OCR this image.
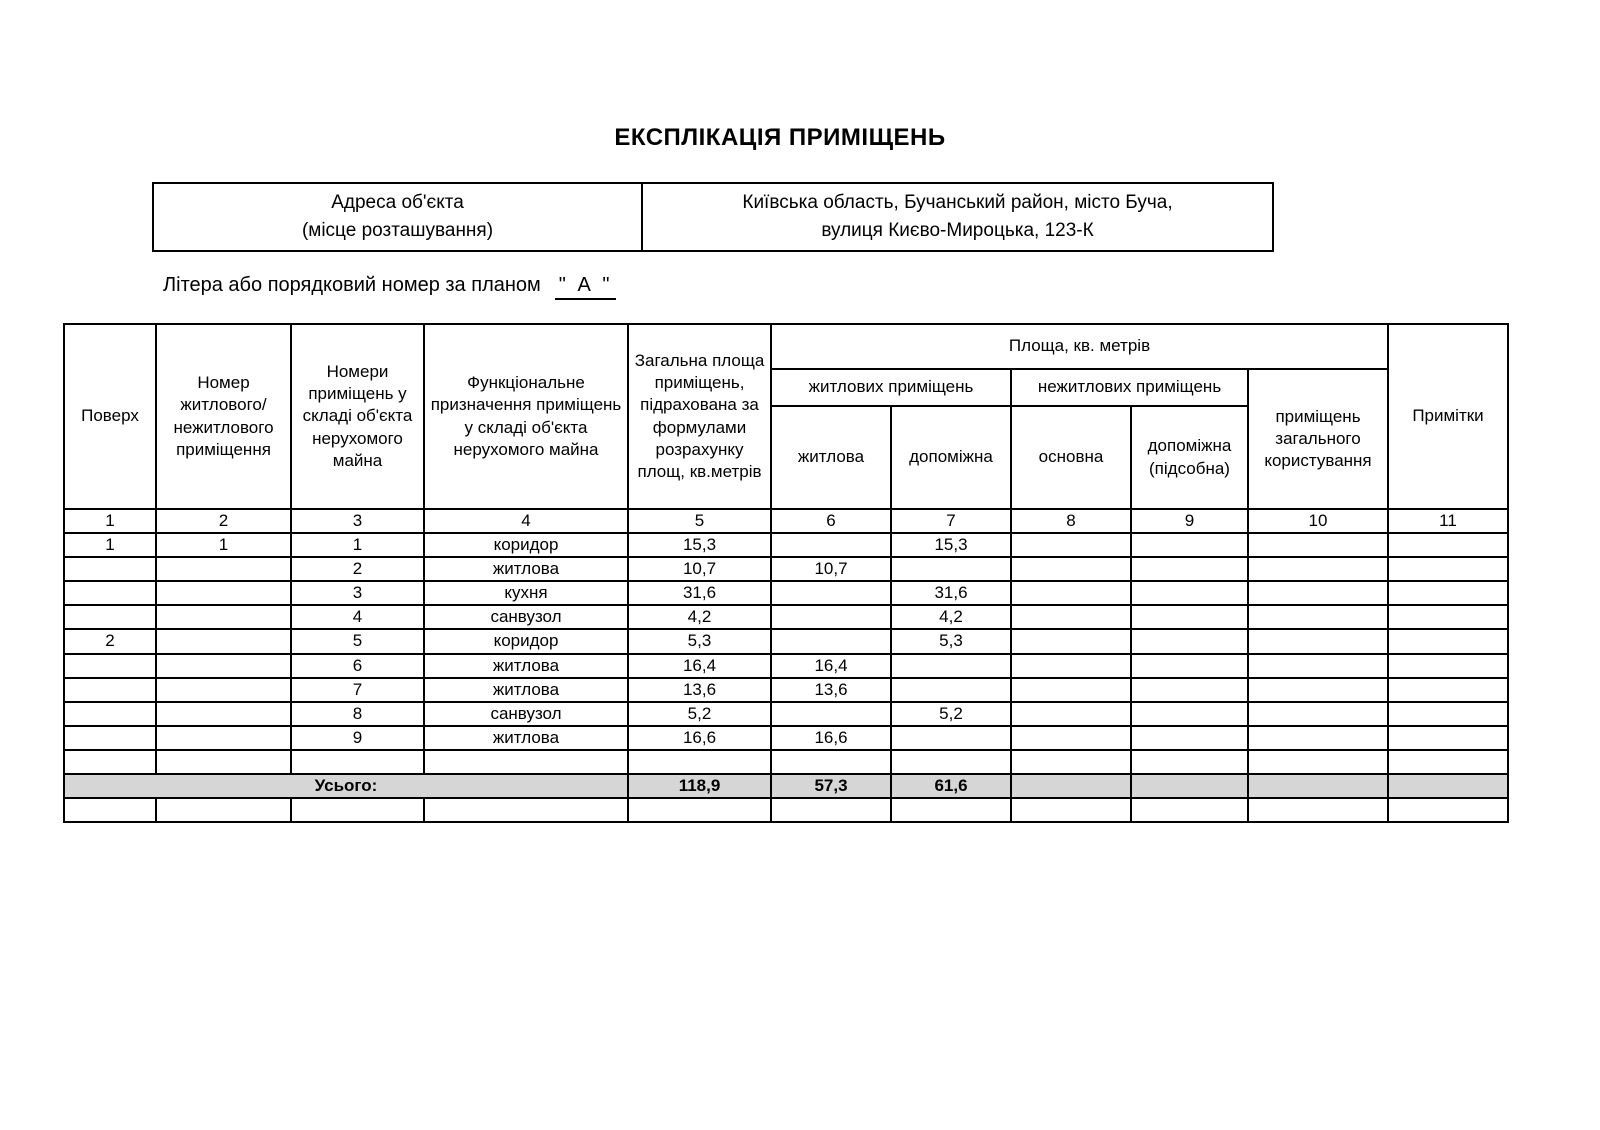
ЕКСПЛІКАЦІЯ ПРИМІЩЕНЬ
Адреса об'єкта
(місце розташування)
Київська область, Бучанський район, місто Буча,
вулиця Києво-Мироцька, 123-К
Літера або порядковий номер за планом " А "
Поверх	Номер житлового/ нежитлового приміщення	Номери приміщень у складі об'єкта нерухомого майна	Функціональне призначення приміщень у складі об'єкта нерухомого майна	Загальна площа приміщень, підрахована за формулами розрахунку площ, кв.метрів	Площа, кв. метрів					Примітки
					житлових приміщень		нежитлових приміщень		приміщень загального користування	
					житлова	допоміжна	основна	допоміжна (підсобна)		
1	2	3	4	5	6	7	8	9	10	11
1	1	1	коридор	15,3		15,3				
		2	житлова	10,7	10,7					
		3	кухня	31,6		31,6				
		4	санвузол	4,2		4,2				
2		5	коридор	5,3		5,3				
		6	житлова	16,4	16,4					
		7	житлова	13,6	13,6					
		8	санвузол	5,2		5,2				
		9	житлова	16,6	16,6					

Усього:				118,9	57,3	61,6				
